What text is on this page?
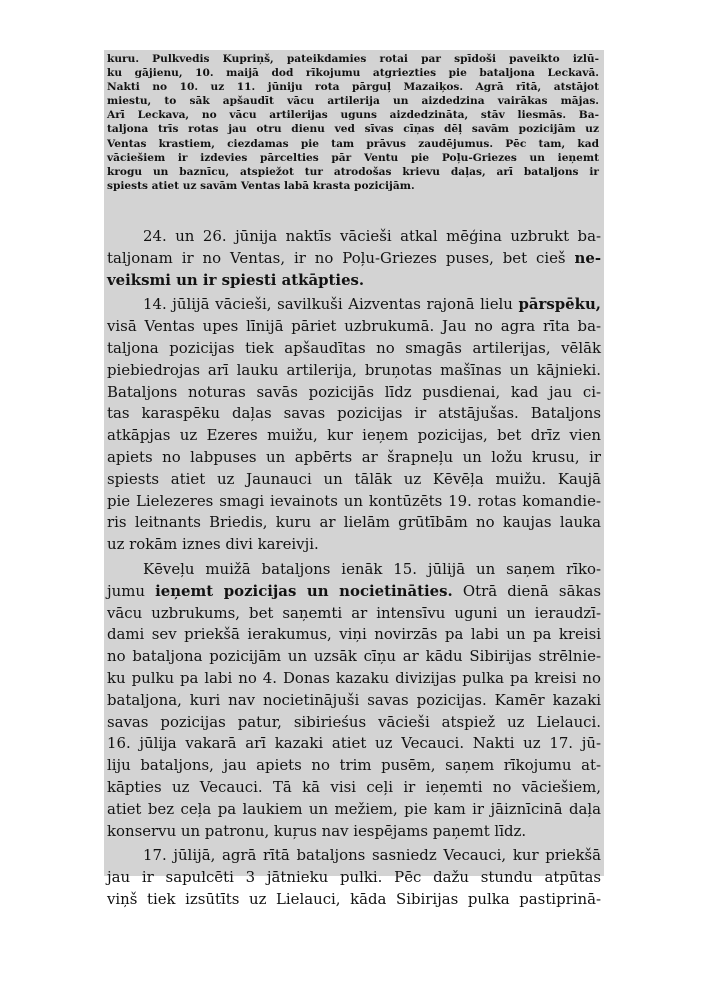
kuru. Pulkvedis Kupriņš, pateikdamies rotai par spīdoši paveikto izlū-
ku gājienu, 10. maijā dod rīkojumu atgriezties pie bataljona Leckavā.
Nakti no 10. uz 11. jūniju rota pārguļ Mazaiķos. Agrā rītā, atstājot
miestu, to sāk apšaudīt vācu artilerija un aizdedzina vairākas mājas.
Arī Leckava, no vācu artilerijas uguns aizdedzināta, stāv liesmās. Ba-
taljona trīs rotas jau otru dienu ved sīvas cīņas dēļ savām pozicijām uz
Ventas krastiem, ciezdamas pie tam prāvus zaudējumus. Pēc tam, kad
vāciešiem ir izdevies pārcelties pār Ventu pie Poļu-Griezes un ieņemt
krogu un baznīcu, atspiežot tur atrodošas krievu daļas, arī bataljons ir
spiests atiet uz savām Ventas labā krasta pozicijām.
24. un 26. jūnija naktīs vācieši atkal mēģina uzbrukt ba-
taljonam ir no Ventas, ir no Poļu-Griezes puses, bet cieš ne-
veiksmi un ir spiesti atkāpties.
14. jūlijā vācieši, savilkuši Aizventas rajonā lielu pārspēku,
visā Ventas upes līnijā pāriet uzbrukumā. Jau no agra rīta ba-
taljona pozicijas tiek apšaudītas no smagās artilerijas, vēlāk
piebiedrojas arī lauku artilerija, bruņotas mašīnas un kājnieki.
Bataljons noturas savās pozicijās līdz pusdienai, kad jau ci-
tas karaspēku daļas savas pozicijas ir atstājušas. Bataljons
atkāpjas uz Ezeres muižu, kur ieņem pozicijas, bet drīz vien
apiets no labpuses un apbērts ar šrapneļu un ložu krusu, ir
spiests atiet uz Jaunauci un tālāk uz Kēvēļa muižu. Kaujā
pie Lielezeres smagi ievainots un kontūzēts 19. rotas komandie-
ris leitnants Briedis, kuru ar lielām grūtībām no kaujas lauka
uz rokām iznes divi kareivji.
Kēveļu muižā bataljons ienāk 15. jūlijā un saņem rīko-
jumu ieņemt pozicijas un nocietināties. Otrā dienā sākas
vācu uzbrukums, bet saņemti ar intensīvu uguni un ieraudzī-
dami sev priekšā ierakumus, viņi novirzās pa labi un pa kreisi
no bataljona pozicijām un uzsāk cīņu ar kādu Sibirijas strēlnie-
ku pulku pa labi no 4. Donas kazaku divizijas pulka pa kreisi no
bataljona, kuri nav nocietinājuši savas pozicijas. Kamēr kazaki
savas pozicijas patur, sibirieśus vācieši atspiež uz Lielauci.
16. jūlija vakarā arī kazaki atiet uz Vecauci. Nakti uz 17. jū-
liju bataljons, jau apiets no trim pusēm, saņem rīkojumu at-
kāpties uz Vecauci. Tā kā visi ceļi ir ieņemti no vāciešiem,
atiet bez ceļa pa laukiem un mežiem, pie kam ir jāiznīcinā daļa
konservu un patronu, kuŗus nav iespējams paņemt līdz.
17. jūlijā, agrā rītā bataljons sasniedz Vecauci, kur priekšā
jau ir sapulcēti 3 jātnieku pulki. Pēc dažu stundu atpūtas
viņš tiek izsūtīts uz Lielauci, kāda Sibirijas pulka pastiprinā-
